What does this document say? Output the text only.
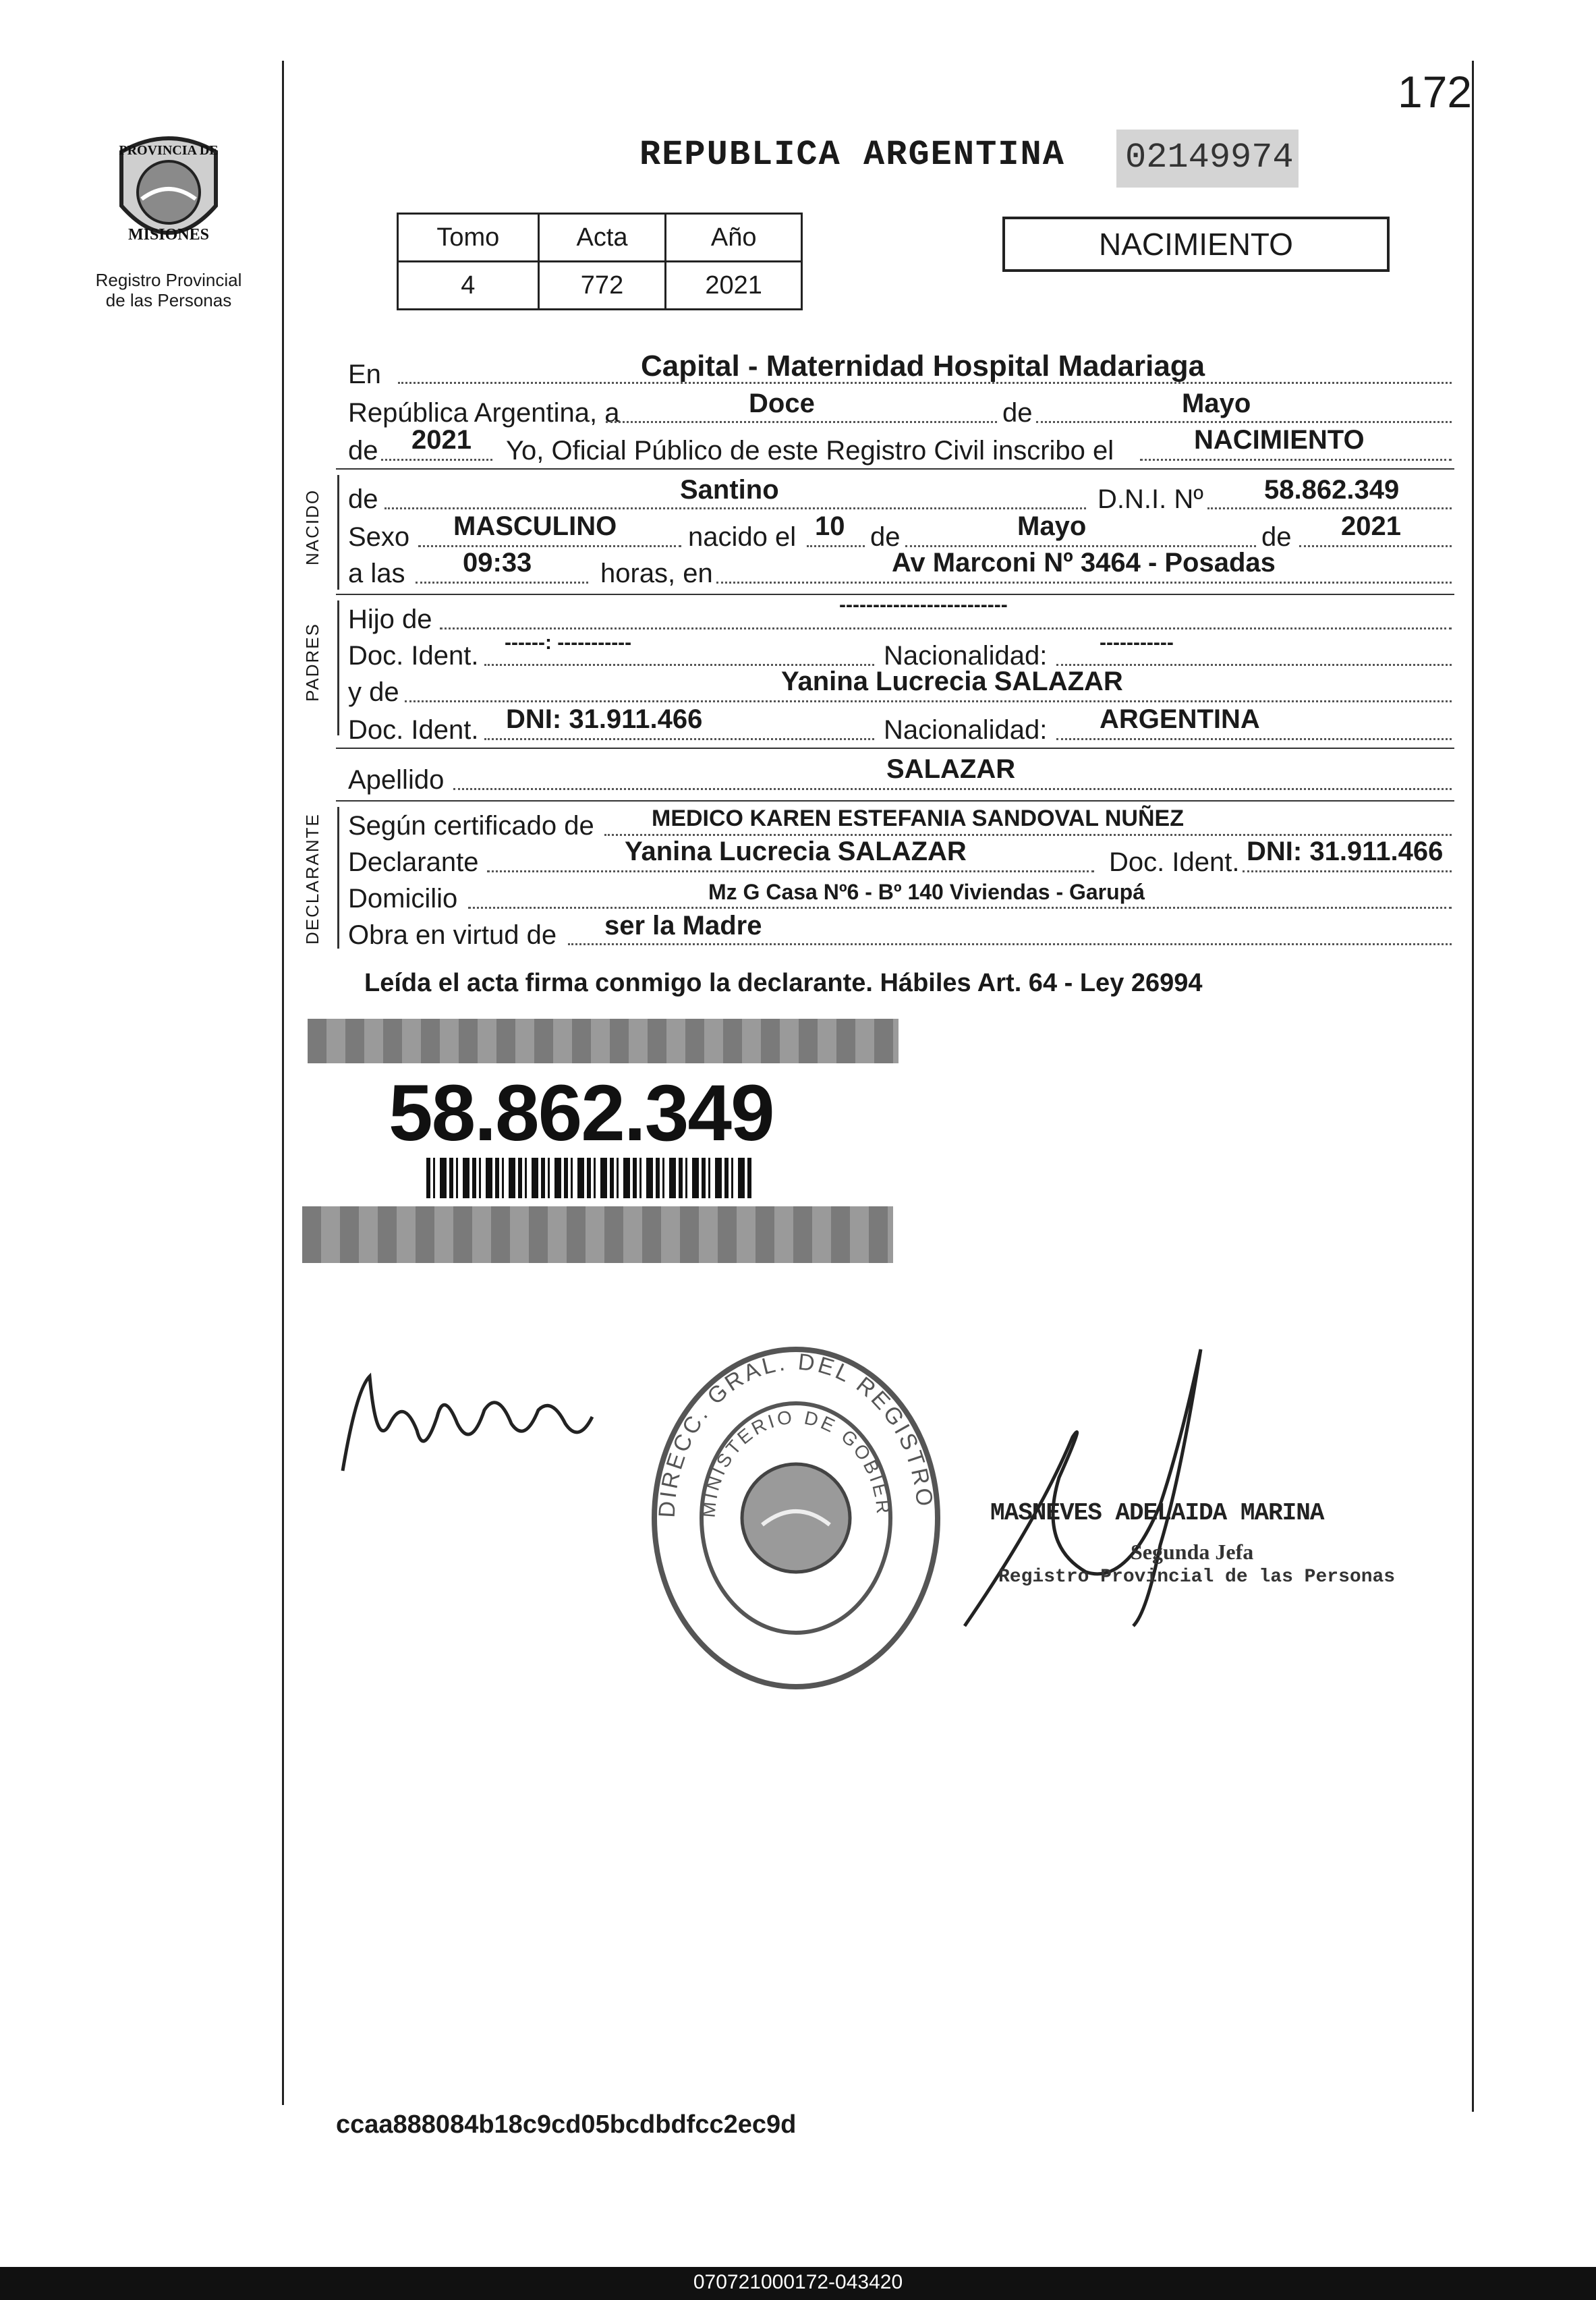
172
PROVINCIA DE
MISIONES
Registro Provincial
de las Personas
REPUBLICA ARGENTINA 02149974
Tomo	Acta	Año
4	772	2021
NACIMIENTO
En	Capital - Maternidad Hospital Madariaga
República Argentina, a	Doce	de	Mayo
de 2021 Yo, Oficial Público de este Registro Civil inscribo el	NACIMIENTO
NACIDO de	Santino	D.N.I. Nº 58.862.349
Sexo MASCULINO	nacido el 10 de	Mayo	de 2021
a las 09:33	horas, en	Av Marconi Nº 3464 - Posadas
PADRES
Hijo de	-------------------------
Doc. Ident. ------: -----------	Nacionalidad:	-----------
y de	Yanina Lucrecia SALAZAR
Doc. Ident. DNI: 31.911.466	Nacionalidad: ARGENTINA
Apellido	SALAZAR
DECLARANTE Según certificado de	MEDICO KAREN ESTEFANIA SANDOVAL NUÑEZ
Declarante	Yanina Lucrecia SALAZAR	Doc. Ident. DNI: 31.911.466
Domicilio	Mz G Casa Nº6 - Bº 140 Viviendas - Garupá
Obra en virtud de ser la Madre
Leída el acta firma conmigo la declarante. Hábiles Art. 64 - Ley 26994
58.862.349
DIRECC. GRAL. DEL REGISTRO
MINISTERIO DE GOBIER	MASNEVES ADELAIDA MARINA
Segunda Jefa
Registro Provincial de las Personas
ccaa888084b18c9cd05bcdbdfcc2ec9d
070721000172-043420
